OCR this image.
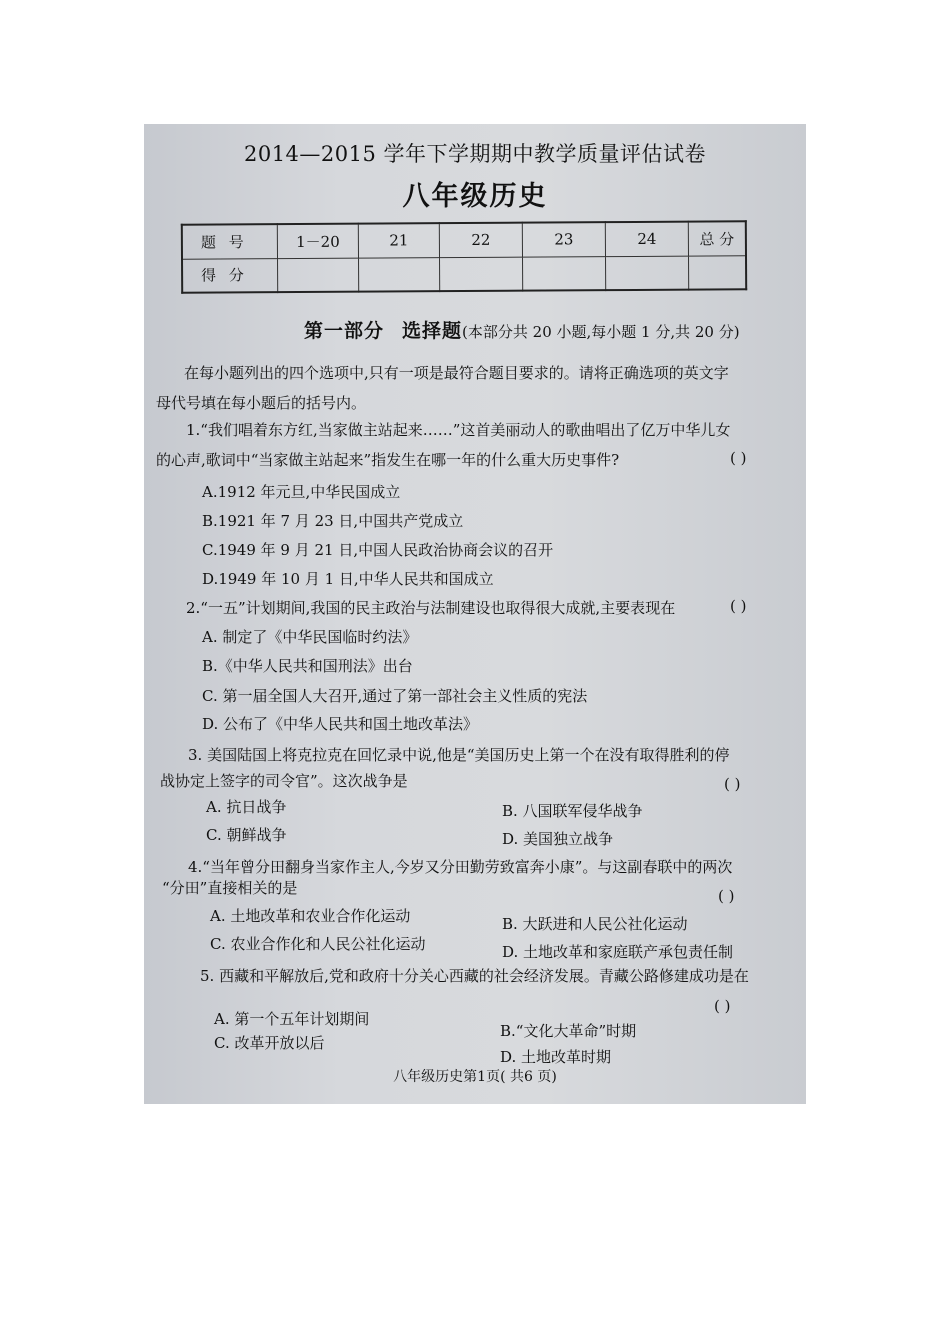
2014—2015 学年下学期期中教学质量评估试卷
八年级历史
题 号	1－20	21	22	23	24	总 分
得 分						
第一部分 选择题(本部分共 20 小题,每小题 1 分,共 20 分)
在每小题列出的四个选项中,只有一项是最符合题目要求的。请将正确选项的英文字
母代号填在每小题后的括号内。
1.“我们唱着东方红,当家做主站起来……”这首美丽动人的歌曲唱出了亿万中华儿女
的心声,歌词中“当家做主站起来”指发生在哪一年的什么重大历史事件?	( )
A.1912 年元旦,中华民国成立
B.1921 年 7 月 23 日,中国共产党成立
C.1949 年 9 月 21 日,中国人民政治协商会议的召开
D.1949 年 10 月 1 日,中华人民共和国成立
2.“一五”计划期间,我国的民主政治与法制建设也取得很大成就,主要表现在	( )
A. 制定了《中华民国临时约法》
B.《中华人民共和国刑法》出台
C. 第一届全国人大召开,通过了第一部社会主义性质的宪法
D. 公布了《中华人民共和国土地改革法》
3. 美国陆国上将克拉克在回忆录中说,他是“美国历史上第一个在没有取得胜利的停
战协定上签字的司令官”。这次战争是	( )
A. 抗日战争	B. 八国联军侵华战争
C. 朝鲜战争	D. 美国独立战争
4.“当年曾分田翻身当家作主人,今岁又分田勤劳致富奔小康”。与这副春联中的两次
“分田”直接相关的是	( )
A. 土地改革和农业合作化运动	B. 大跃进和人民公社化运动
C. 农业合作化和人民公社化运动	D. 土地改革和家庭联产承包责任制
5. 西藏和平解放后,党和政府十分关心西藏的社会经济发展。青藏公路修建成功是在
( )
A. 第一个五年计划期间
B.“文化大革命”时期
C. 改革开放以后
D. 土地改革时期
八年级历史第1页( 共6 页)
